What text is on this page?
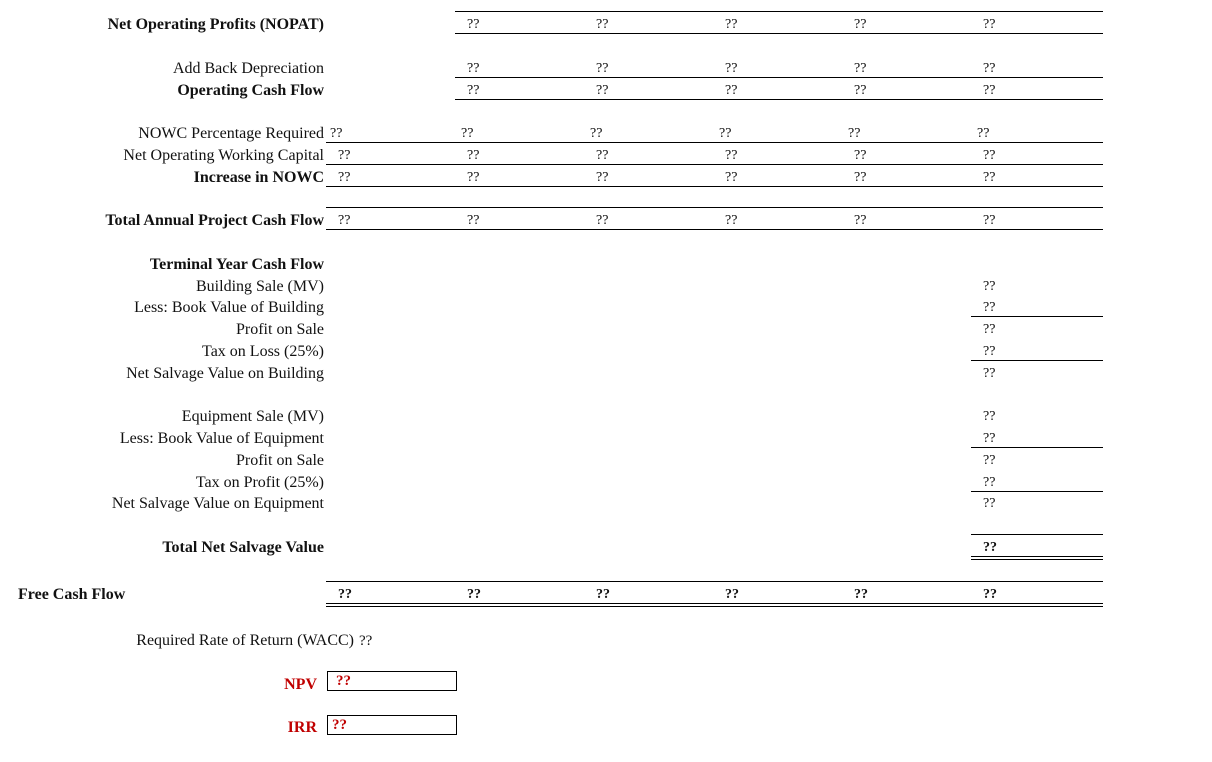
Net Operating Profits (NOPAT)	??	??	??	??	??
Add Back Depreciation	??	??	??	??	??
Operating Cash Flow	??	??	??	??	??
NOWC Percentage Required ??	??	??	??	??	??
Net Operating Working Capital ??	??	??	??	??	??
Increase in NOWC ??	??	??	??	??	??
Total Annual Project Cash Flow ??	??	??	??	??	??
Terminal Year Cash Flow
Building Sale (MV)	??
Less: Book Value of Building	??
Profit on Sale	??
Tax on Loss (25%)	??
Net Salvage Value on Building	??
Equipment Sale (MV)	??
Less: Book Value of Equipment	??
Profit on Sale	??
Tax on Profit (25%)	??
Net Salvage Value on Equipment	??
Total Net Salvage Value	??
Free Cash Flow	??	??	??	??	??	??
Required Rate of Return (WACC) ??
NPV ??
IRR ??
